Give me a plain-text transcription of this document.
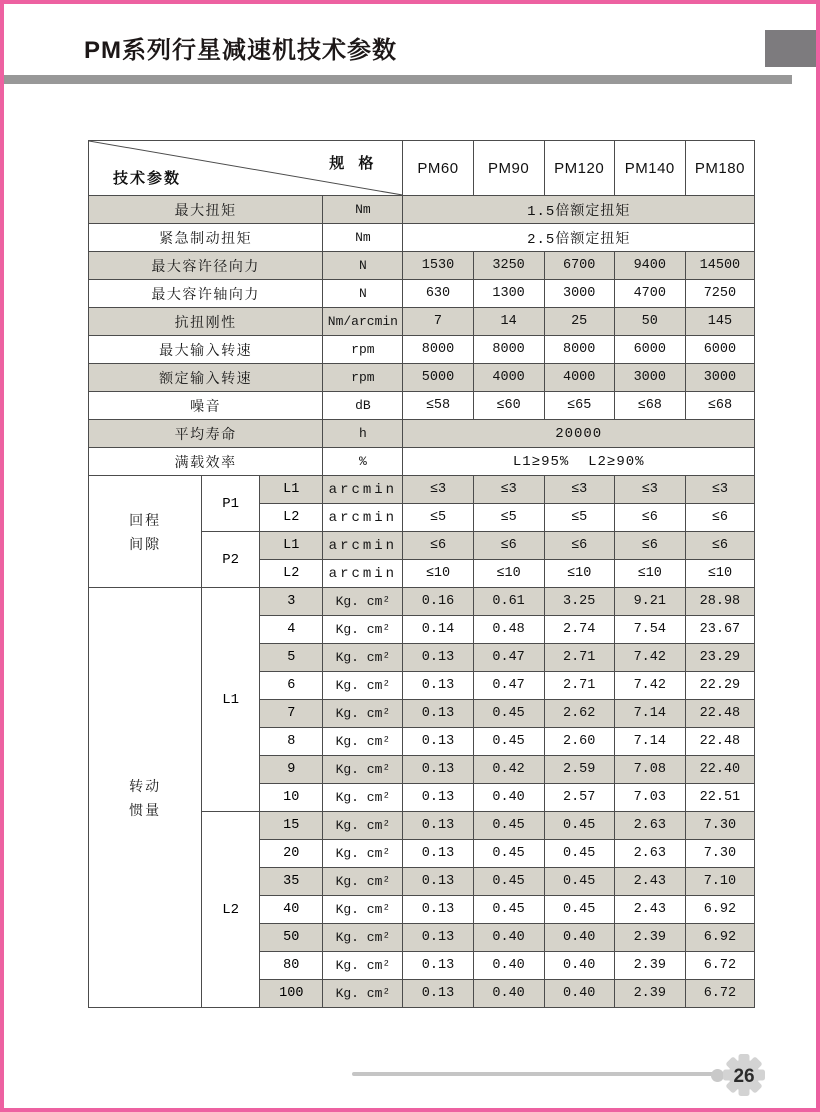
PM系列行星减速机技术参数
规 格
技术参数				PM60	PM90	PM120	PM140	PM180
最大扭矩			Nm	1.5倍额定扭矩				
紧急制动扭矩			Nm	2.5倍额定扭矩				
最大容许径向力			N	1530	3250	6700	9400	14500
最大容许轴向力			N	630	1300	3000	4700	7250
抗扭刚性			Nm/arcmin	7	14	25	50	145
最大输入转速			rpm	8000	8000	8000	6000	6000
额定输入转速			rpm	5000	4000	4000	3000	3000
噪音			dB	≤58	≤60	≤65	≤68	≤68
平均寿命			h	20000				
满载效率			%	L1≥95%  L2≥90%				

回程
间隙	P1	L1	arcmin	≤3	≤3	≤3	≤3	≤3
		L2	arcmin	≤5	≤5	≤5	≤6	≤6
	P2	L1	arcmin	≤6	≤6	≤6	≤6	≤6
		L2	arcmin	≤10	≤10	≤10	≤10	≤10

转动
惯量	L1	3	Kg. cm²	0.16	0.61	3.25	9.21	28.98
		4	Kg. cm²	0.14	0.48	2.74	7.54	23.67
		5	Kg. cm²	0.13	0.47	2.71	7.42	23.29
		6	Kg. cm²	0.13	0.47	2.71	7.42	22.29
		7	Kg. cm²	0.13	0.45	2.62	7.14	22.48
		8	Kg. cm²	0.13	0.45	2.60	7.14	22.48
		9	Kg. cm²	0.13	0.42	2.59	7.08	22.40
		10	Kg. cm²	0.13	0.40	2.57	7.03	22.51
	L2	15	Kg. cm²	0.13	0.45	0.45	2.63	7.30
		20	Kg. cm²	0.13	0.45	0.45	2.63	7.30
		35	Kg. cm²	0.13	0.45	0.45	2.43	7.10
		40	Kg. cm²	0.13	0.45	0.45	2.43	6.92
		50	Kg. cm²	0.13	0.40	0.40	2.39	6.92
		80	Kg. cm²	0.13	0.40	0.40	2.39	6.72
		100	Kg. cm²	0.13	0.40	0.40	2.39	6.72
26
